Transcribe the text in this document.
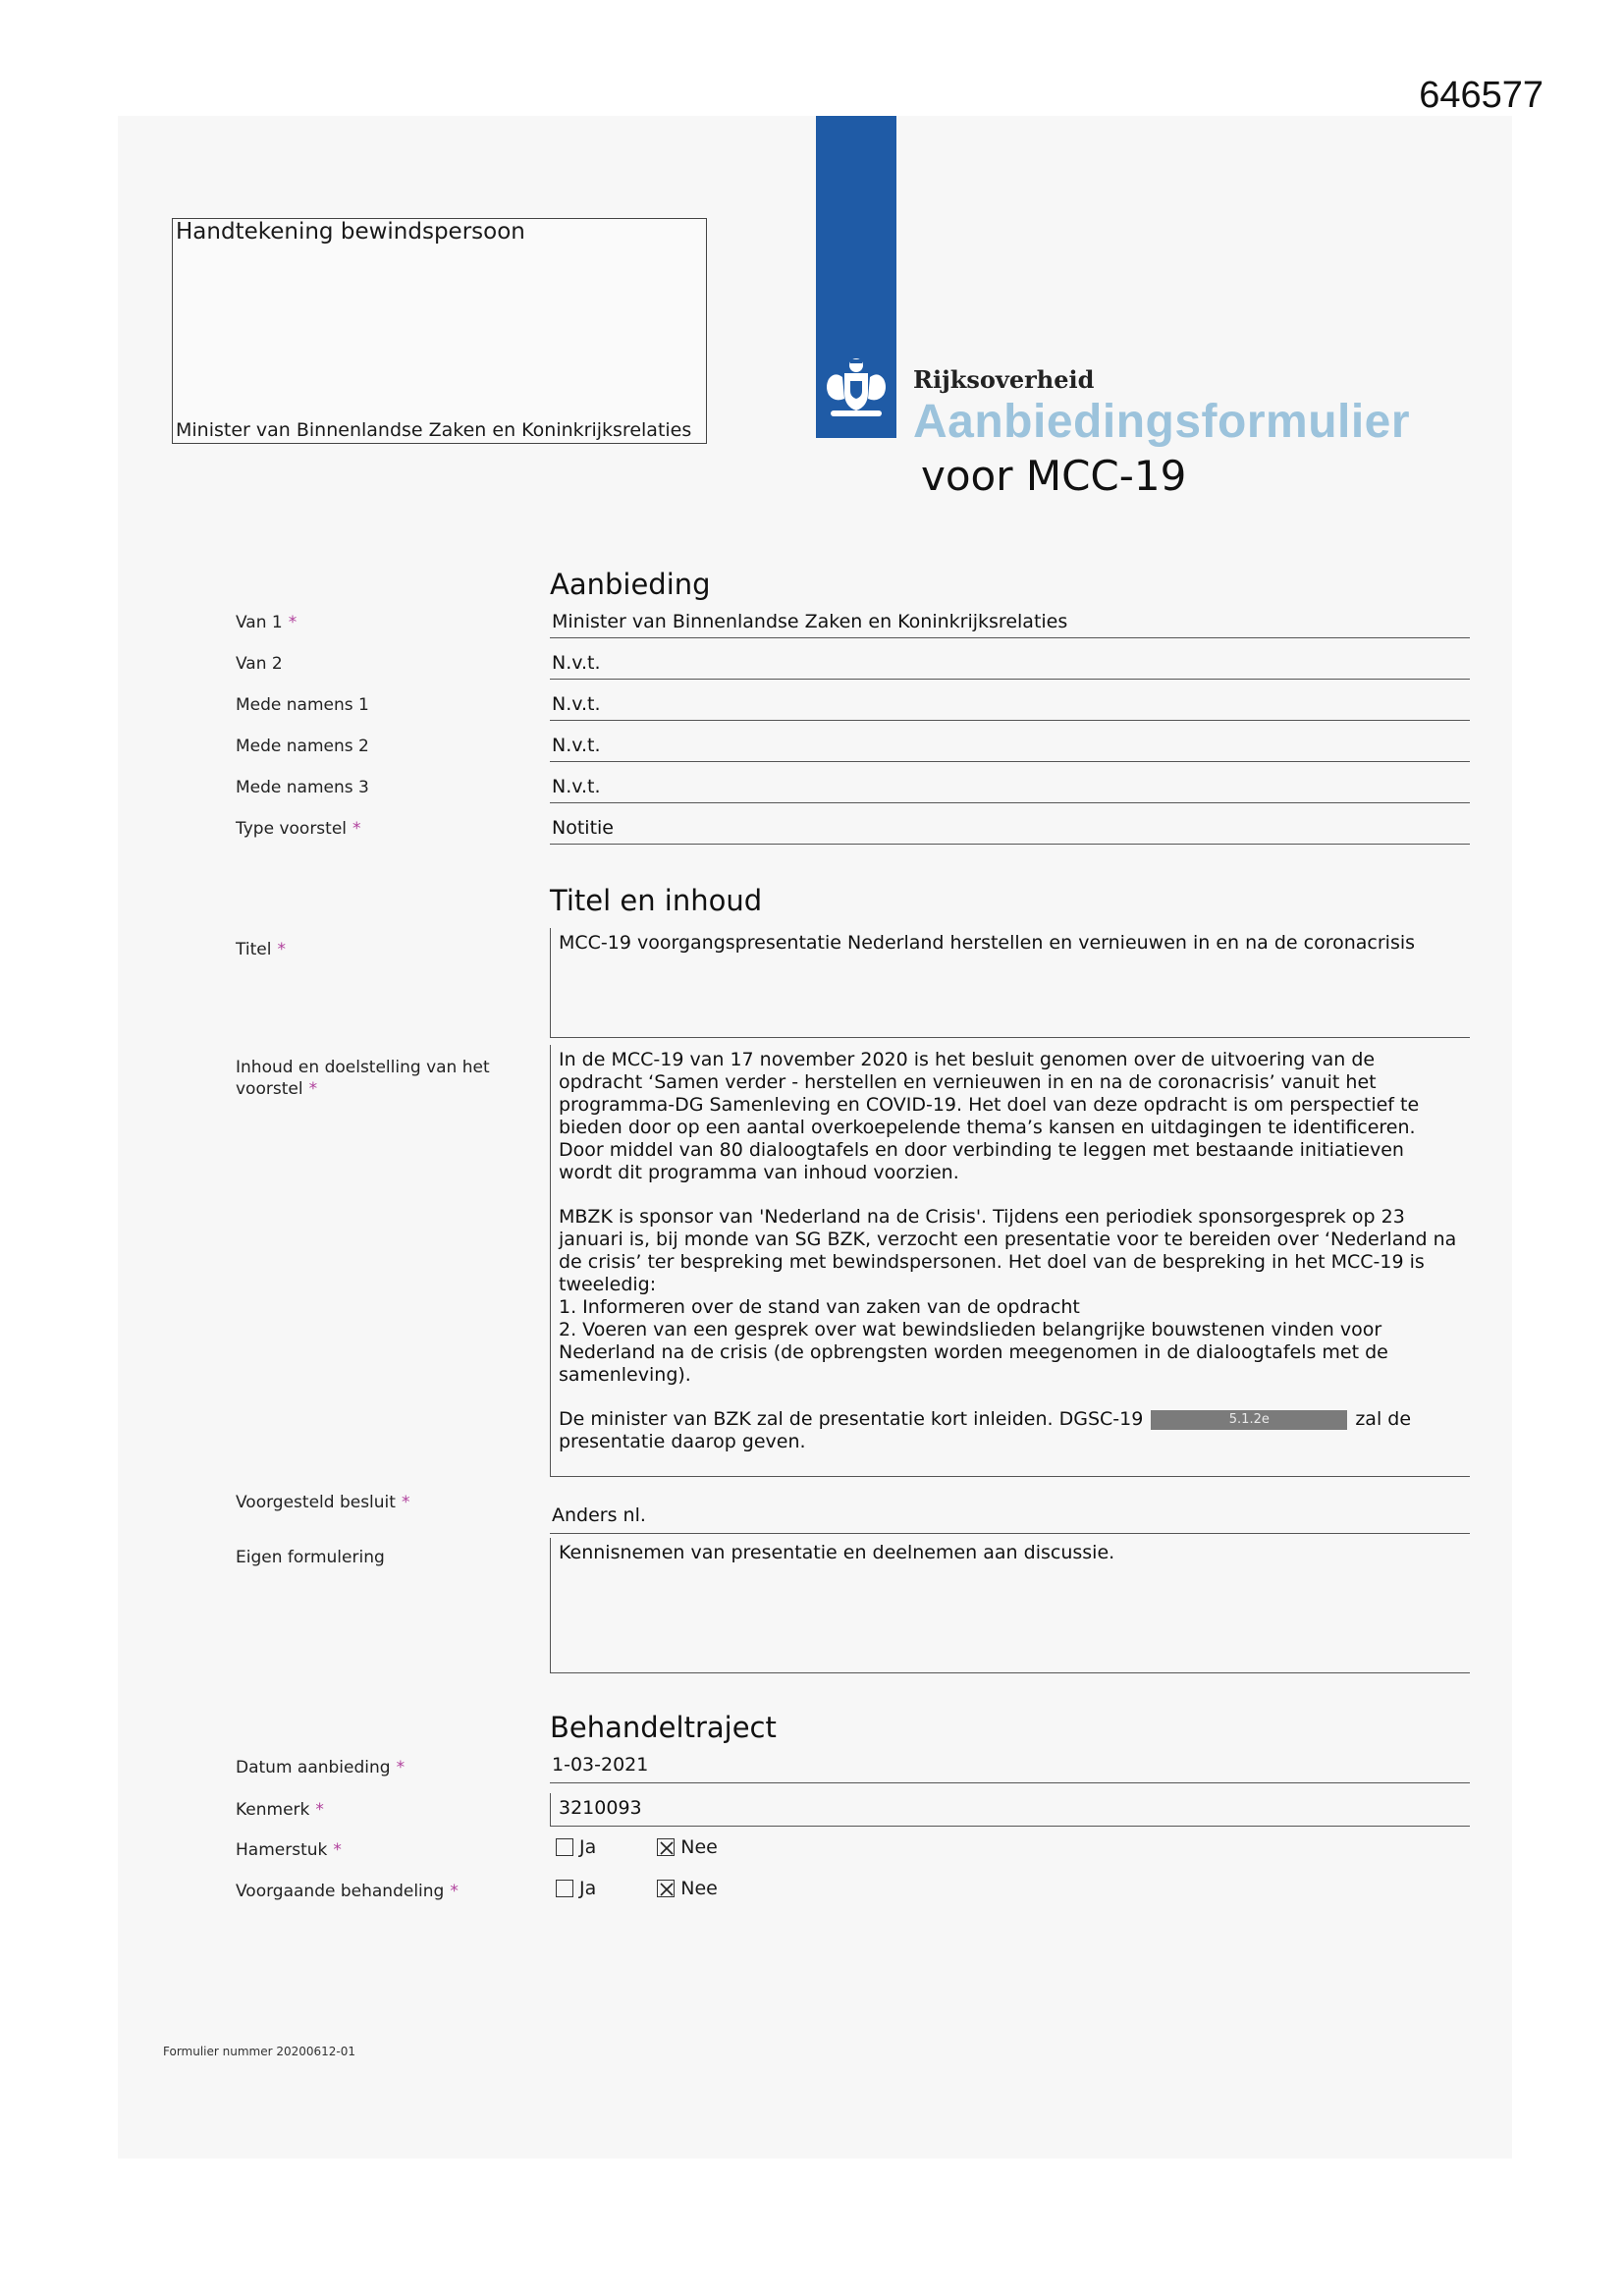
646577
Handtekening bewindspersoon
Minister van Binnenlandse Zaken en Koninkrijksrelaties
Rijksoverheid
Aanbiedingsformulier
voor MCC-19
Aanbieding
Van 1 *	Minister van Binnenlandse Zaken en Koninkrijksrelaties
Van 2	N.v.t.
Mede namens 1	N.v.t.
Mede namens 2	N.v.t.
Mede namens 3	N.v.t.
Type voorstel *	Notitie
Titel en inhoud
Titel *	MCC-19 voorgangspresentatie Nederland herstellen en vernieuwen in en na de coronacrisis
Inhoud en doelstelling van het voorstel *

In de MCC-19 van 17 november 2020 is het besluit genomen over de uitvoering van de opdracht ‘Samen verder - herstellen en vernieuwen in en na de coronacrisis’ vanuit het programma-DG Samenleving en COVID-19. Het doel van deze opdracht is om perspectief te bieden door op een aantal overkoepelende thema’s kansen en uitdagingen te identificeren. Door middel van 80 dialoogtafels en door verbinding te leggen met bestaande initiatieven wordt dit programma van inhoud voorzien.

MBZK is sponsor van 'Nederland na de Crisis'. Tijdens een periodiek sponsorgesprek op 23 januari is, bij monde van SG BZK, verzocht een presentatie voor te bereiden over ‘Nederland na de crisis’ ter bespreking met bewindspersonen. Het doel van de bespreking in het MCC-19 is tweeledig:

1. Informeren over de stand van zaken van de opdracht

2. Voeren van een gesprek over wat bewindslieden belangrijke bouwstenen vinden voor Nederland na de crisis (de opbrengsten worden meegenomen in de dialoogtafels met de samenleving).

De minister van BZK zal de presentatie kort inleiden. DGSC-19	5.1.2e	zal de presentatie daarop geven.

Voorgesteld besluit *
Anders nl.
Eigen formulering	Kennisnemen van presentatie en deelnemen aan discussie.
Behandeltraject
Datum aanbieding *	1-03-2021
Kenmerk *	3210093
Hamerstuk *	Ja	Nee
Voorgaande behandeling *	Ja	Nee
Formulier nummer 20200612-01
